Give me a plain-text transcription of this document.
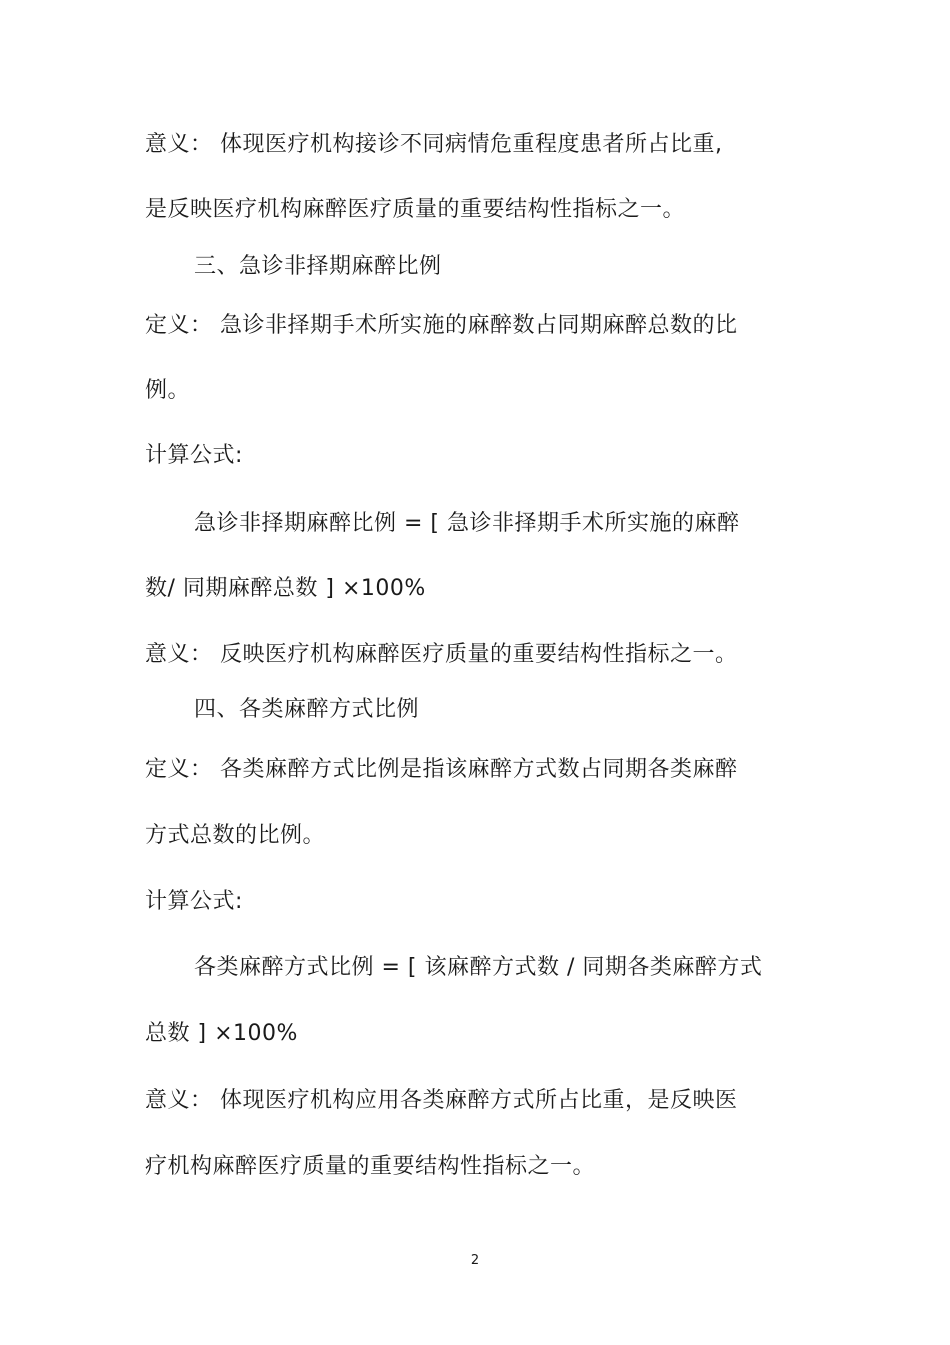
意义： 体现医疗机构接诊不同病情危重程度患者所占比重,
是反映医疗机构麻醉医疗质量的重要结构性指标之一。
三、急诊非择期麻醉比例
定义： 急诊非择期手术所实施的麻醉数占同期麻醉总数的比
例。
计算公式:
急诊非择期麻醉比例 = [ 急诊非择期手术所实施的麻醉
数/ 同期麻醉总数 ] ×100%
意义： 反映医疗机构麻醉医疗质量的重要结构性指标之一。
四、各类麻醉方式比例
定义： 各类麻醉方式比例是指该麻醉方式数占同期各类麻醉
方式总数的比例。
计算公式:
各类麻醉方式比例 = [ 该麻醉方式数 / 同期各类麻醉方式
总数 ] ×100%
意义： 体现医疗机构应用各类麻醉方式所占比重，是反映医
疗机构麻醉医疗质量的重要结构性指标之一。
2
